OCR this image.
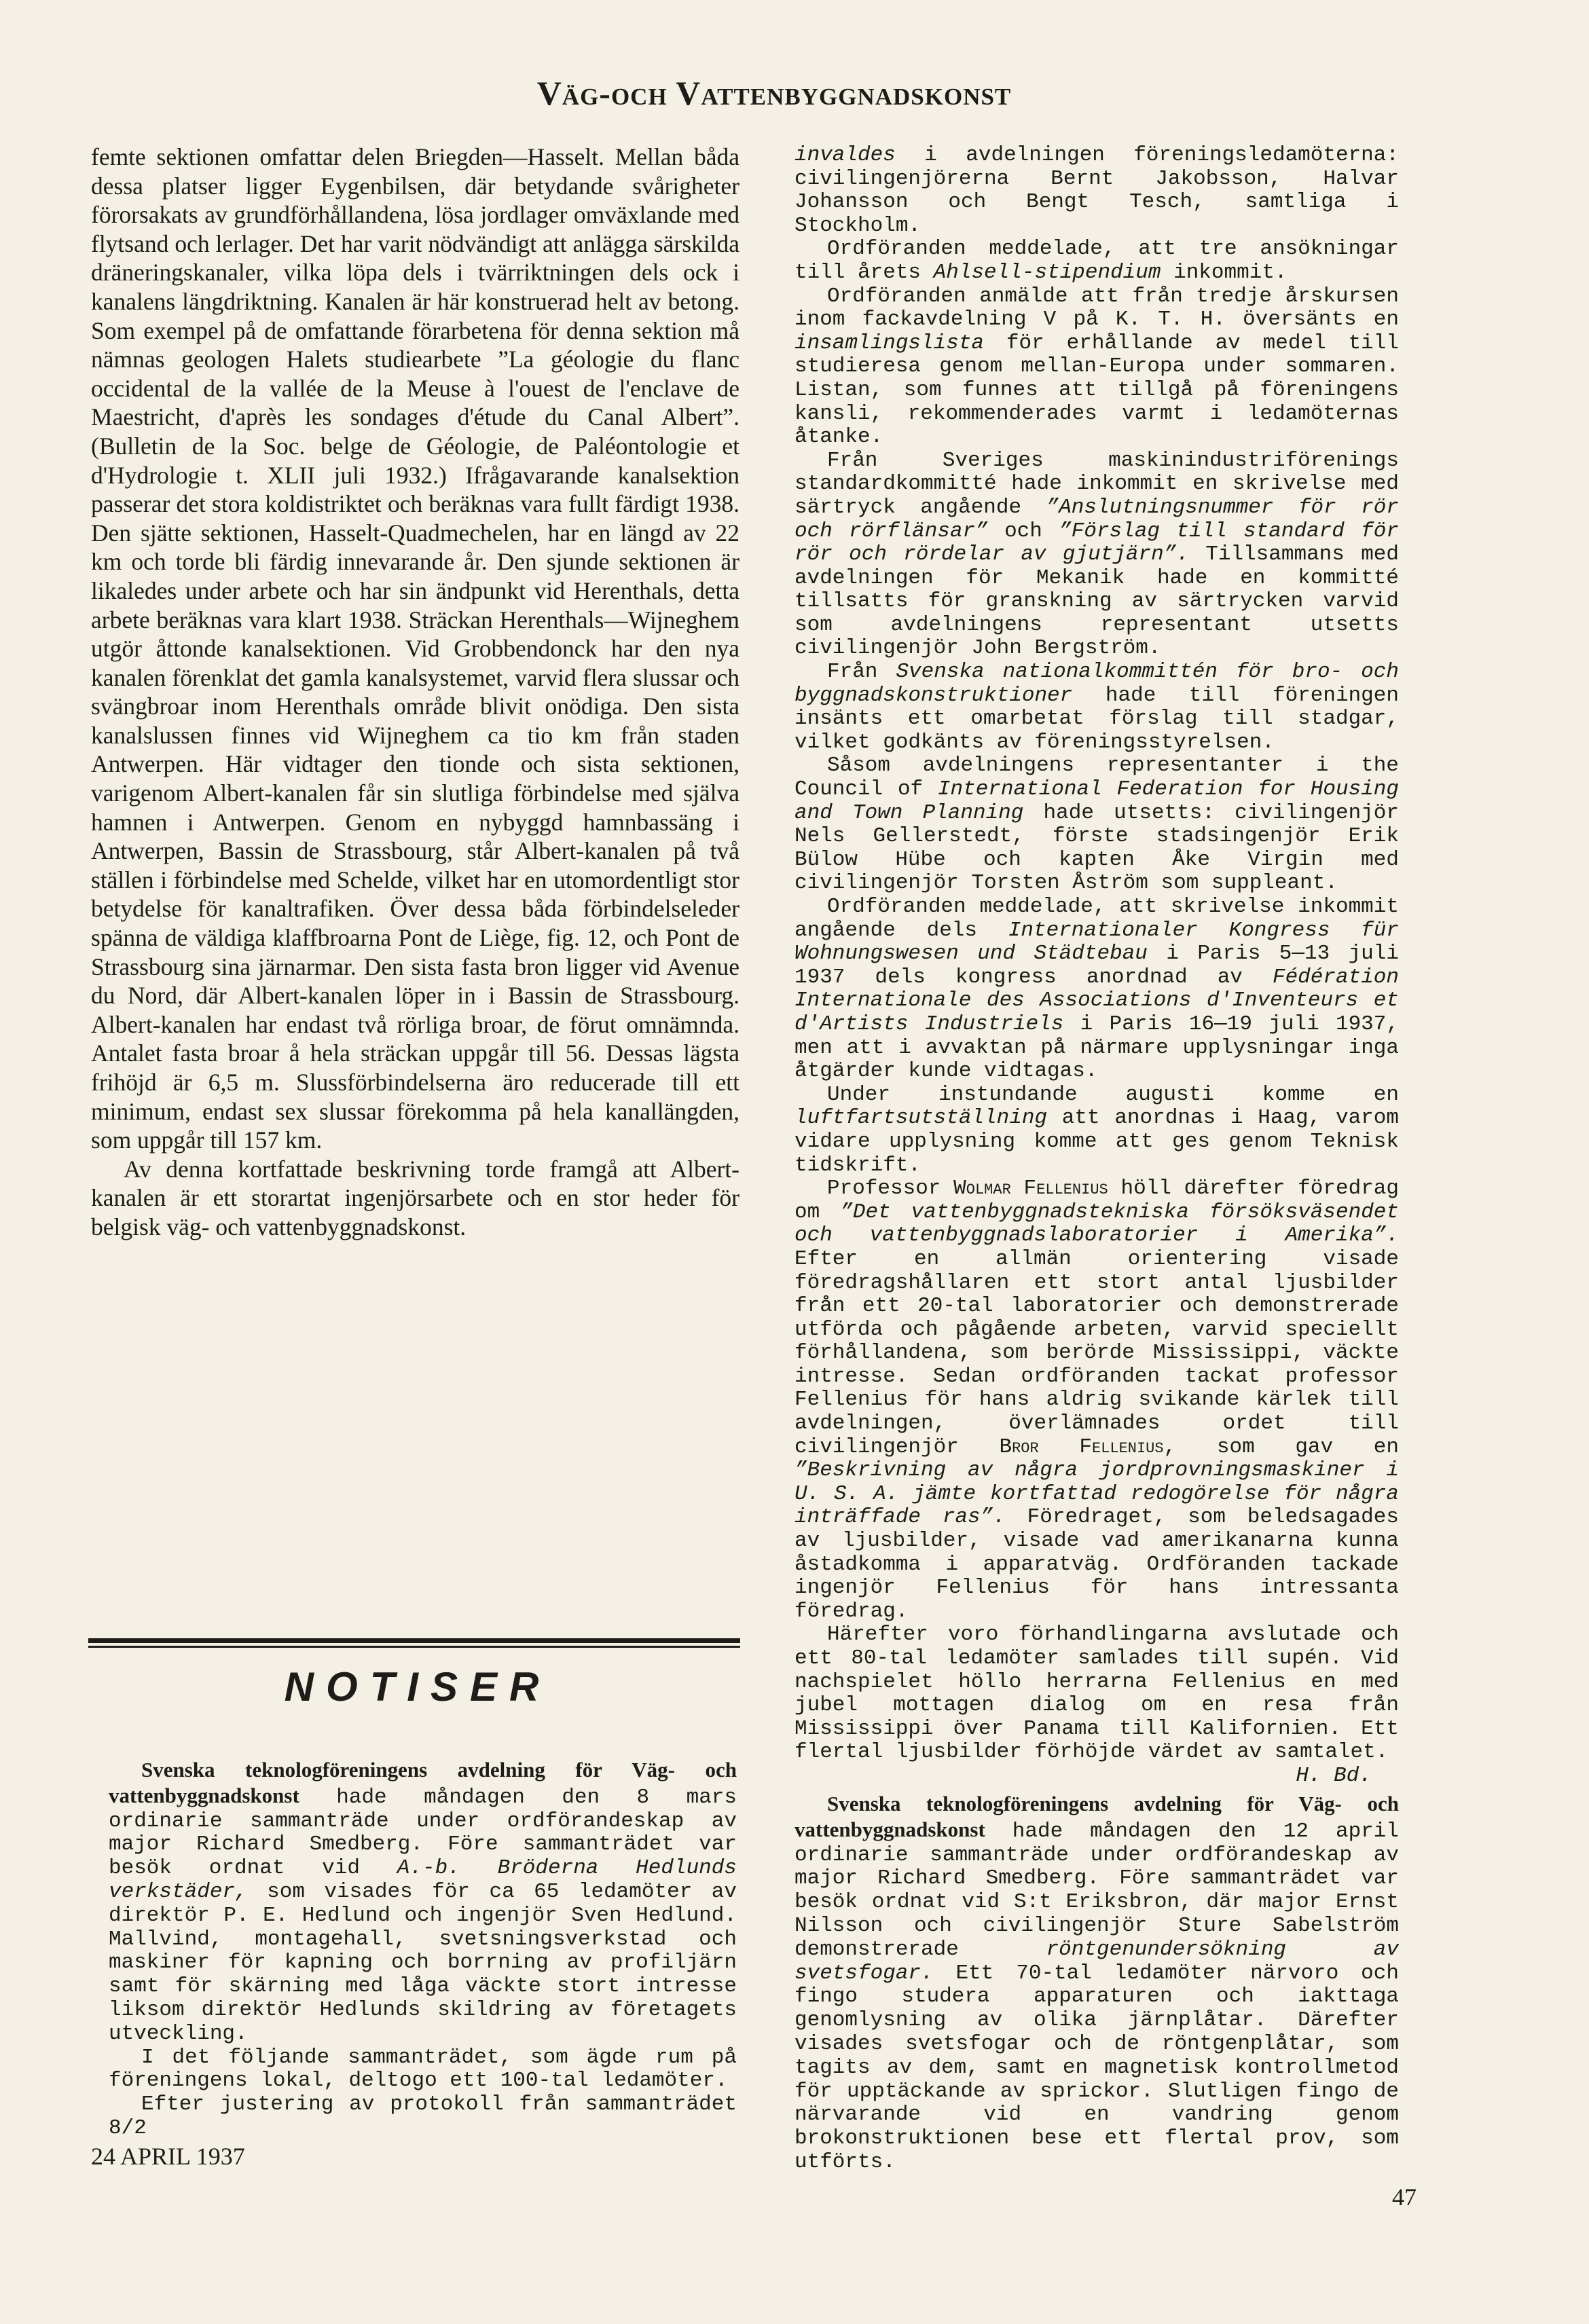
Väg-och Vattenbyggnadskonst

femte sektionen omfattar delen Briegden—Hasselt. Mellan båda dessa platser ligger Eygenbilsen, där betydande svårigheter förorsakats av grundförhållandena, lösa jordlager omväxlande med flytsand och lerlager. Det har varit nödvändigt att anlägga särskilda dräneringskanaler, vilka löpa dels i tvärriktningen dels ock i kanalens längdriktning. Kanalen är här konstruerad helt av betong. Som exempel på de omfattande förarbetena för denna sektion må nämnas geologen Halets studiearbete ”La géologie du flanc occidental de la vallée de la Meuse à l'ouest de l'enclave de Maestricht, d'après les sondages d'étude du Canal Albert”. (Bulletin de la Soc. belge de Géologie, de Paléontologie et d'Hydrologie t. XLII juli 1932.) Ifrågavarande kanalsektion passerar det stora koldistriktet och beräknas vara fullt färdigt 1938. Den sjätte sektionen, Hasselt-Quadmechelen, har en längd av 22 km och torde bli färdig innevarande år. Den sjunde sektionen är likaledes under arbete och har sin ändpunkt vid Herenthals, detta arbete beräknas vara klart 1938. Sträckan Herenthals—Wijneghem utgör åttonde kanalsektionen. Vid Grobbendonck har den nya kanalen förenklat det gamla kanalsystemet, varvid flera slussar och svängbroar inom Herenthals område blivit onödiga. Den sista kanalslussen finnes vid Wijneghem ca tio km från staden Antwerpen. Här vidtager den tionde och sista sektionen, varigenom Albert-kanalen får sin slutliga förbindelse med själva hamnen i Antwerpen. Genom en nybyggd hamnbassäng i Antwerpen, Bassin de Strassbourg, står Albert-kanalen på två ställen i förbindelse med Schelde, vilket har en utomordentligt stor betydelse för kanaltrafiken. Över dessa båda förbindelseleder spänna de väldiga klaffbroarna Pont de Liège, fig. 12, och Pont de Strassbourg sina järnarmar. Den sista fasta bron ligger vid Avenue du Nord, där Albert-kanalen löper in i Bassin de Strassbourg. Albert-kanalen har endast två rörliga broar, de förut omnämnda. Antalet fasta broar å hela sträckan uppgår till 56. Dessas lägsta frihöjd är 6,5 m. Slussförbindelserna äro reducerade till ett minimum, endast sex slussar förekomma på hela kanallängden, som uppgår till 157 km.

Av denna kortfattade beskrivning torde framgå att Albert-kanalen är ett storartat ingenjörsarbete och en stor heder för belgisk väg- och vattenbyggnadskonst.

NOTISER

Svenska teknologföreningens avdelning för Väg- och vattenbyggnadskonst hade måndagen den 8 mars ordinarie sammanträde under ordförandeskap av major Richard Smedberg. Före sammanträdet var besök ordnat vid A.-b. Bröderna Hedlunds verkstäder, som visades för ca 65 ledamöter av direktör P. E. Hedlund och ingenjör Sven Hedlund. Mallvind, montagehall, svetsningsverkstad och maskiner för kapning och borrning av profiljärn samt för skärning med låga väckte stort intresse liksom direktör Hedlunds skildring av företagets utveckling.

I det följande sammanträdet, som ägde rum på föreningens lokal, deltogo ett 100-tal ledamöter.

Efter justering av protokoll från sammanträdet 8/2

invaldes i avdelningen föreningsledamöterna: civilingenjörerna Bernt Jakobsson, Halvar Johansson och Bengt Tesch, samtliga i Stockholm.

Ordföranden meddelade, att tre ansökningar till årets Ahlsell-stipendium inkommit.

Ordföranden anmälde att från tredje årskursen inom fackavdelning V på K. T. H. översänts en insamlingslista för erhållande av medel till studieresa genom mellan-Europa under sommaren. Listan, som funnes att tillgå på föreningens kansli, rekommenderades varmt i ledamöternas åtanke.

Från Sveriges maskinindustriförenings standardkommitté hade inkommit en skrivelse med särtryck angående ”Anslutningsnummer för rör och rörflänsar” och ”Förslag till standard för rör och rördelar av gjutjärn”. Tillsammans med avdelningen för Mekanik hade en kommitté tillsatts för granskning av särtrycken varvid som avdelningens representant utsetts civilingenjör John Bergström.

Från Svenska nationalkommittén för bro- och byggnadskonstruktioner hade till föreningen insänts ett omarbetat förslag till stadgar, vilket godkänts av föreningsstyrelsen.

Såsom avdelningens representanter i the Council of International Federation for Housing and Town Planning hade utsetts: civilingenjör Nels Gellerstedt, förste stadsingenjör Erik Bülow Hübe och kapten Åke Virgin med civilingenjör Torsten Åström som suppleant.

Ordföranden meddelade, att skrivelse inkommit angående dels Internationaler Kongress für Wohnungswesen und Städtebau i Paris 5—13 juli 1937 dels kongress anordnad av Fédération Internationale des Associations d'Inventeurs et d'Artists Industriels i Paris 16—19 juli 1937, men att i avvaktan på närmare upplysningar inga åtgärder kunde vidtagas.

Under instundande augusti komme en luftfartsutställning att anordnas i Haag, varom vidare upplysning komme att ges genom Teknisk tidskrift.

Professor Wolmar Fellenius höll därefter föredrag om ”Det vattenbyggnadstekniska försöksväsendet och vattenbyggnadslaboratorier i Amerika”. Efter en allmän orientering visade föredragshållaren ett stort antal ljusbilder från ett 20-tal laboratorier och demonstrerade utförda och pågående arbeten, varvid speciellt förhållandena, som berörde Mississippi, väckte intresse. Sedan ordföranden tackat professor Fellenius för hans aldrig svikande kärlek till avdelningen, överlämnades ordet till civilingenjör Bror Fellenius, som gav en ”Beskrivning av några jordprovningsmaskiner i U. S. A. jämte kortfattad redogörelse för några inträffade ras”. Föredraget, som beledsagades av ljusbilder, visade vad amerikanarna kunna åstadkomma i apparatväg. Ordföranden tackade ingenjör Fellenius för hans intressanta föredrag.

Härefter voro förhandlingarna avslutade och ett 80-tal ledamöter samlades till supén. Vid nachspielet höllo herrarna Fellenius en med jubel mottagen dialog om en resa från Mississippi över Panama till Kalifornien. Ett flertal ljusbilder förhöjde värdet av samtalet.

H. Bd.

Svenska teknologföreningens avdelning för Väg- och vattenbyggnadskonst hade måndagen den 12 april ordinarie sammanträde under ordförandeskap av major Richard Smedberg. Före sammanträdet var besök ordnat vid S:t Eriksbron, där major Ernst Nilsson och civilingenjör Sture Sabelström demonstrerade röntgenundersökning av svetsfogar. Ett 70-tal ledamöter närvoro och fingo studera apparaturen och iakttaga genomlysning av olika järnplåtar. Därefter visades svetsfogar och de röntgenplåtar, som tagits av dem, samt en magnetisk kontrollmetod för upptäckande av sprickor. Slutligen fingo de närvarande vid en vandring genom brokonstruktionen bese ett flertal prov, som utförts.

24 APRIL 1937
47
